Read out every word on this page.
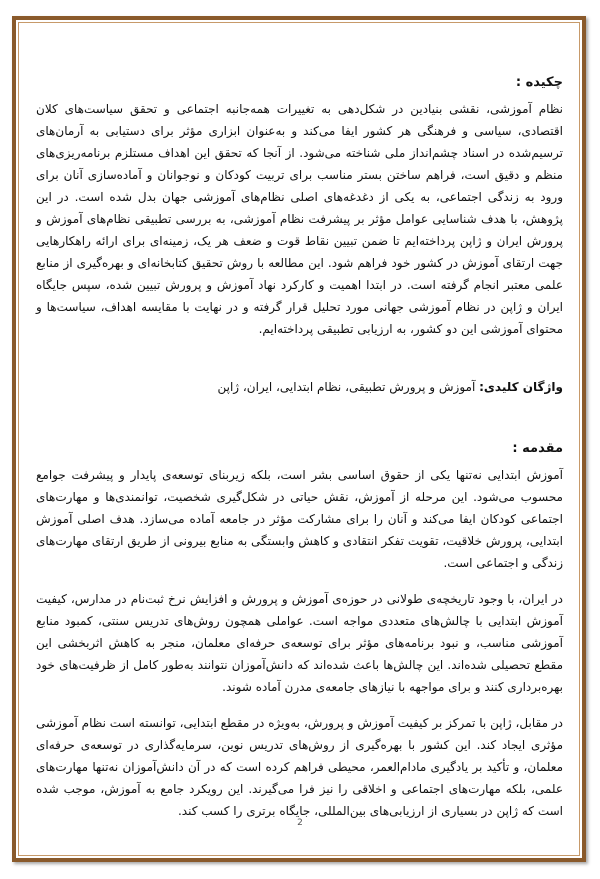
چکیده :

نظام آموزشی، نقشی بنیادین در شکل‌دهی به تغییرات همه‌جانبه اجتماعی و تحقق سیاست‌های کلان اقتصادی، سیاسی و فرهنگی هر کشور ایفا می‌کند و به‌عنوان ابزاری مؤثر برای دستیابی به آرمان‌های ترسیم‌شده در اسناد چشم‌انداز ملی شناخته می‌شود. از آنجا که تحقق این اهداف مستلزم برنامه‌ریزی‌های منظم و دقیق است، فراهم ساختن بستر مناسب برای تربیت کودکان و نوجوانان و آماده‌سازی آنان برای ورود به زندگی اجتماعی، به یکی از دغدغه‌های اصلی نظام‌های آموزشی جهان بدل شده است. در این پژوهش، با هدف شناسایی عوامل مؤثر بر پیشرفت نظام آموزشی، به بررسی تطبیقی نظام‌های آموزش و پرورش ایران و ژاپن پرداخته‌ایم تا ضمن تبیین نقاط قوت و ضعف هر یک، زمینه‌ای برای ارائه راهکارهایی جهت ارتقای آموزش در کشور خود فراهم شود. این مطالعه با روش تحقیق کتابخانه‌ای و بهره‌گیری از منابع علمی معتبر انجام گرفته است. در ابتدا اهمیت و کارکرد نهاد آموزش و پرورش تبیین شده، سپس جایگاه ایران و ژاپن در نظام آموزشی جهانی مورد تحلیل قرار گرفته و در نهایت با مقایسه اهداف، سیاست‌ها و محتوای آموزشی این دو کشور، به ارزیابی تطبیقی پرداخته‌ایم.

واژگان کلیدی: آموزش و پرورش تطبیقی، نظام ابتدایی، ایران، ژاپن

مقدمه :

آموزش ابتدایی نه‌تنها یکی از حقوق اساسی بشر است، بلکه زیربنای توسعه‌ی پایدار و پیشرفت جوامع محسوب می‌شود. این مرحله از آموزش، نقش حیاتی در شکل‌گیری شخصیت، توانمندی‌ها و مهارت‌های اجتماعی کودکان ایفا می‌کند و آنان را برای مشارکت مؤثر در جامعه آماده می‌سازد. هدف اصلی آموزش ابتدایی، پرورش خلاقیت، تقویت تفکر انتقادی و کاهش وابستگی به منابع بیرونی از طریق ارتقای مهارت‌های زندگی و اجتماعی است.

در ایران، با وجود تاریخچه‌ی طولانی در حوزه‌ی آموزش و پرورش و افزایش نرخ ثبت‌نام در مدارس، کیفیت آموزش ابتدایی با چالش‌های متعددی مواجه است. عواملی همچون روش‌های تدریس سنتی، کمبود منابع آموزشی مناسب، و نبود برنامه‌های مؤثر برای توسعه‌ی حرفه‌ای معلمان، منجر به کاهش اثربخشی این مقطع تحصیلی شده‌اند. این چالش‌ها باعث شده‌اند که دانش‌آموزان نتوانند به‌طور کامل از ظرفیت‌های خود بهره‌برداری کنند و برای مواجهه با نیازهای جامعه‌ی مدرن آماده شوند.

در مقابل، ژاپن با تمرکز بر کیفیت آموزش و پرورش، به‌ویژه در مقطع ابتدایی، توانسته است نظام آموزشی مؤثری ایجاد کند. این کشور با بهره‌گیری از روش‌های تدریس نوین، سرمایه‌گذاری در توسعه‌ی حرفه‌ای معلمان، و تأکید بر یادگیری مادام‌العمر، محیطی فراهم کرده است که در آن دانش‌آموزان نه‌تنها مهارت‌های علمی، بلکه مهارت‌های اجتماعی و اخلاقی را نیز فرا می‌گیرند. این رویکرد جامع به آموزش، موجب شده است که ژاپن در بسیاری از ارزیابی‌های بین‌المللی، جایگاه برتری را کسب کند.

2
